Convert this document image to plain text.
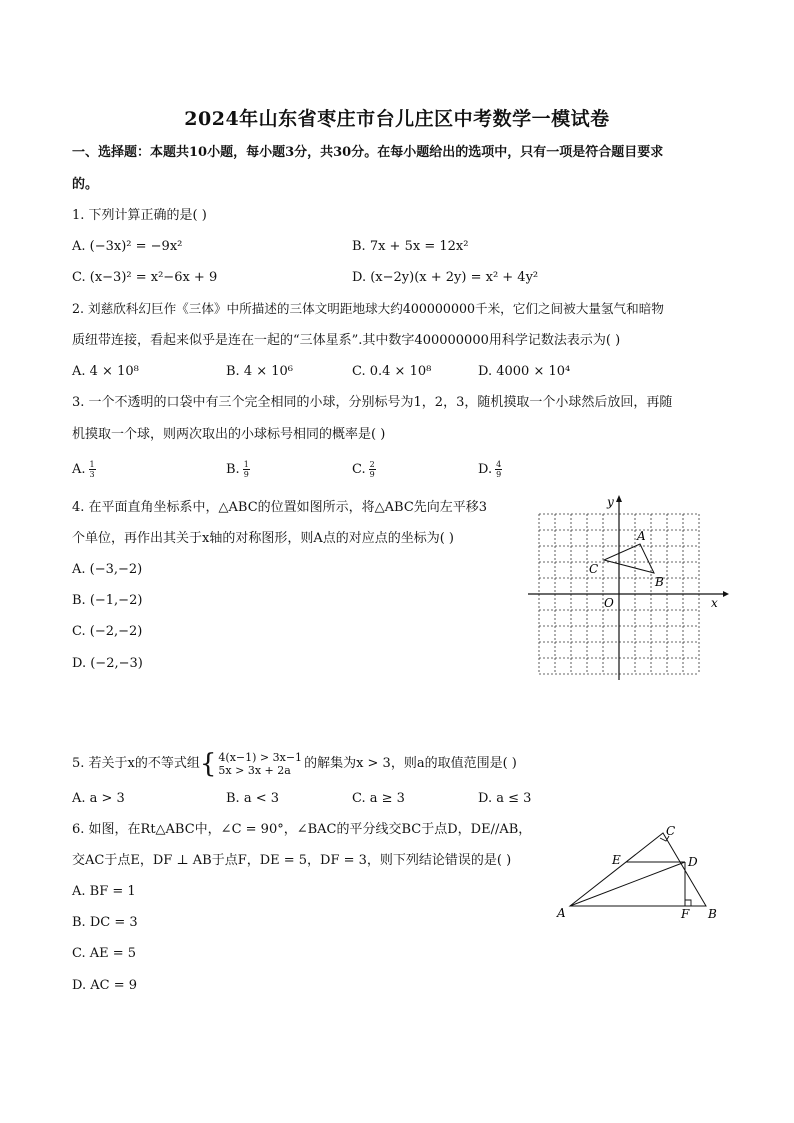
2024年山东省枣庄市台儿庄区中考数学一模试卷
一、选择题：本题共10小题，每小题3分，共30分。在每小题给出的选项中，只有一项是符合题目要求
的。
1. 下列计算正确的是( )
A. (−3x)² = −9x²	B. 7x + 5x = 12x²
C. (x−3)² = x²−6x + 9	D. (x−2y)(x + 2y) = x² + 4y²
2. 刘慈欣科幻巨作《三体》中所描述的三体文明距地球大约400000000千米，它们之间被大量氢气和暗物
质纽带连接，看起来似乎是连在一起的“三体星系”.其中数字400000000用科学记数法表示为( )
A. 4 × 10⁸	B. 4 × 10⁶	C. 0.4 × 10⁸	D. 4000 × 10⁴
3. 一个不透明的口袋中有三个完全相同的小球，分别标号为1，2，3，随机摸取一个小球然后放回，再随
机摸取一个球，则两次取出的小球标号相同的概率是( )
A. $\frac{1}{3}$	B. $\frac{1}{9}$	C. $\frac{2}{9}$	D. $\frac{4}{9}$
4. 在平面直角坐标系中，△ABC的位置如图所示，将△ABC先向左平移3
个单位，再作出其关于x轴的对称图形，则A点的对应点的坐标为( )
A. (−3,−2)
B. (−1,−2)
C. (−2,−2)
D. (−2,−3)
y
x
O
A
B
C
5. 若关于x的不等式组{ 4(x−1) > 3x−1
5x > 3x + 2a	的解集为x > 3，则a的取值范围是( )
A. a > 3	B. a < 3	C. a ≥ 3	D. a ≤ 3
6. 如图，在Rt△ABC中，∠C = 90°，∠BAC的平分线交BC于点D，DE//AB，
交AC于点E，DF ⊥ AB于点F，DE = 5，DF = 3，则下列结论错误的是( )
A. BF = 1
B. DC = 3
C. AE = 5
D. AC = 9
A	B
C
D
E
F
